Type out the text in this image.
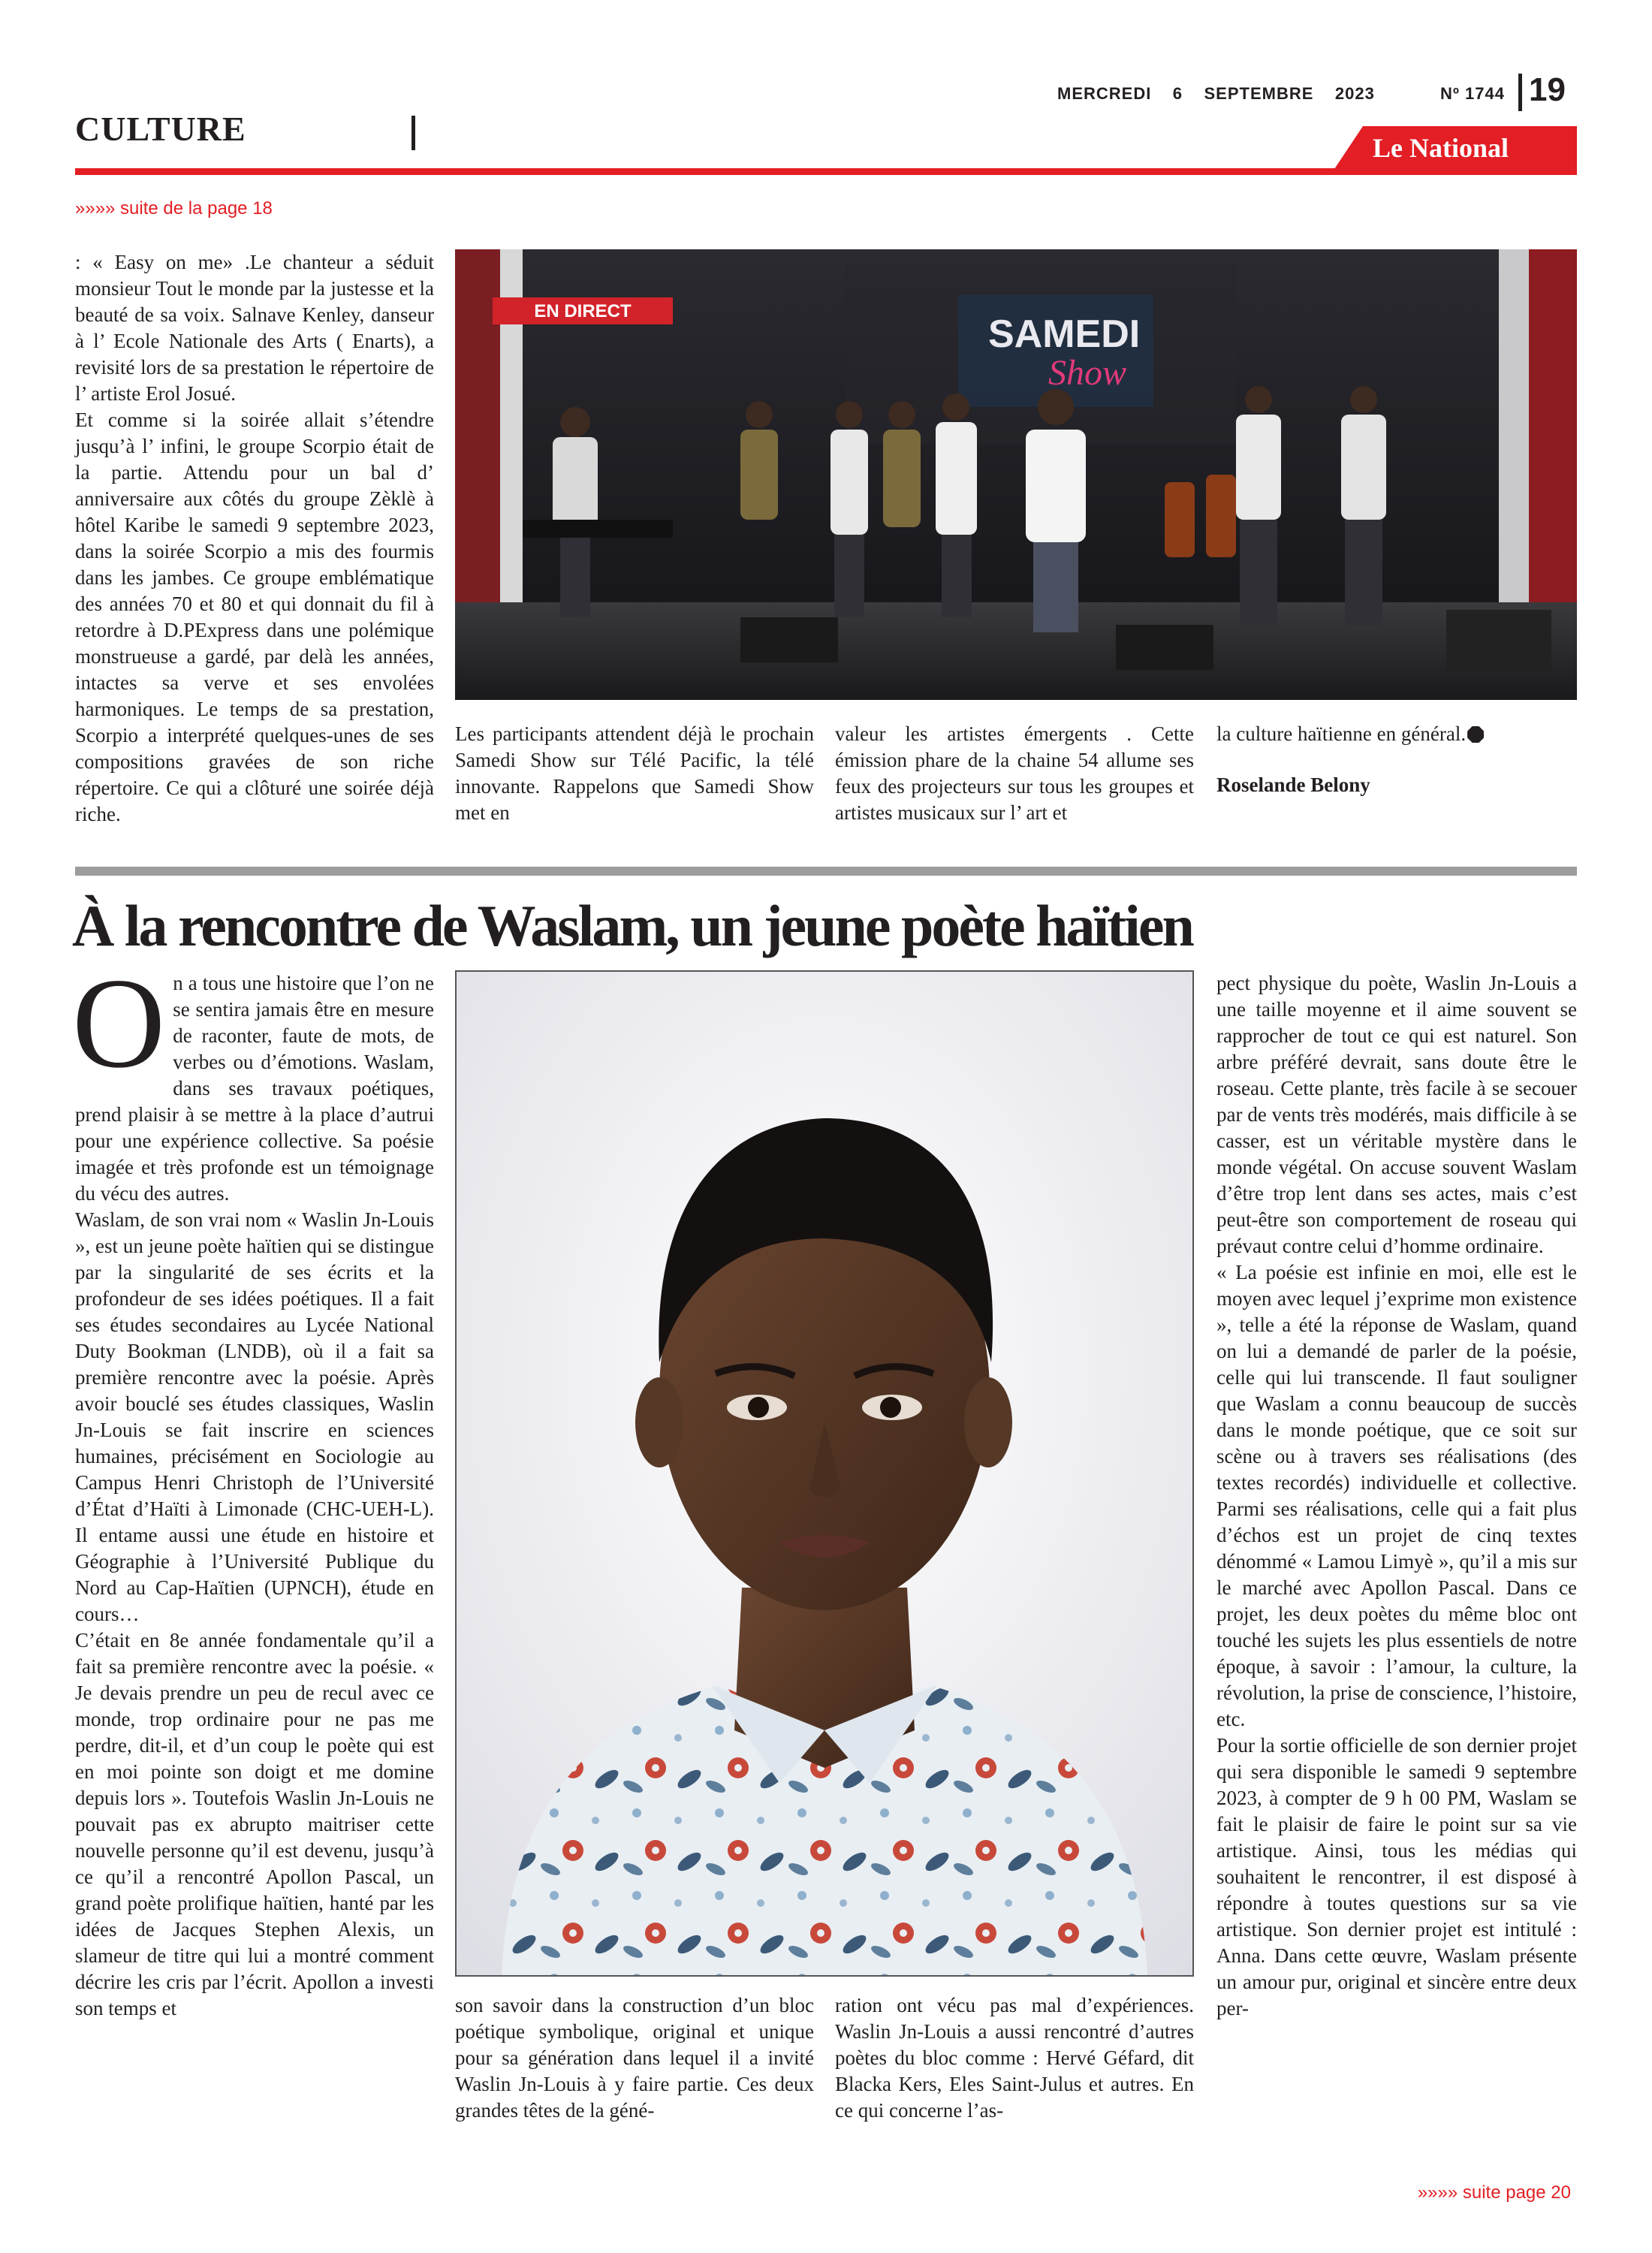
MERCREDI 6 SEPTEMBRE 2023	Nº 1744 19
CULTURE	Le National
»»»» suite de la page 18

: « Easy on me» .Le chanteur a séduit monsieur Tout le monde par la justesse et la beauté de sa voix. Salnave Kenley, danseur à l’ Ecole Nationale des Arts ( Enarts), a revisité lors de sa prestation le répertoire de l’ artiste Erol Josué.

Et comme si la soirée allait s’étendre jusqu’à l’ infini, le groupe Scorpio était de la partie. Attendu pour un bal d’ anniversaire aux côtés du groupe Zèklè à hôtel Karibe le samedi 9 septembre 2023, dans la soirée Scorpio a mis des fourmis dans les jambes. Ce groupe emblématique des années 70 et 80 et qui donnait du fil à retordre à D.PExpress dans une polémique monstrueuse a gardé, par delà les années, intactes sa verve et ses envolées harmoniques. Le temps de sa prestation, Scorpio a interprété quelques-unes de ses compositions gravées de son riche répertoire. Ce qui a clôturé une soirée déjà riche.

EN DIRECT
SAMEDI
Show
Les participants attendent déjà le prochain Samedi Show sur Télé Pacific, la télé innovante. Rappelons que Samedi Show met en
valeur les artistes émergents . Cette émission phare de la chaine 54 allume ses feux des projecteurs sur tous les groupes et artistes musicaux sur l’ art et
la culture haïtienne en général.
Roselande Belony
À la rencontre de Waslam, un jeune poète haïtien

On a tous une histoire que l’on ne se sentira jamais être en mesure de raconter, faute de mots, de verbes ou d’émotions. Waslam, dans ses travaux poétiques, prend plaisir à se mettre à la place d’autrui pour une expérience collective. Sa poésie imagée et très profonde est un témoignage du vécu des autres.

Waslam, de son vrai nom « Waslin Jn-Louis », est un jeune poète haïtien qui se distingue par la singularité de ses écrits et la profondeur de ses idées poétiques. Il a fait ses études secondaires au Lycée National Duty Bookman (LNDB), où il a fait sa première rencontre avec la poésie. Après avoir bouclé ses études classiques, Waslin Jn-Louis se fait inscrire en sciences humaines, précisément en Sociologie au Campus Henri Christoph de l’Université d’État d’Haïti à Limonade (CHC-UEH-L). Il entame aussi une étude en histoire et Géographie à l’Université Publique du Nord au Cap-Haïtien (UPNCH), étude en cours…

C’était en 8e année fondamentale qu’il a fait sa première rencontre avec la poésie. « Je devais prendre un peu de recul avec ce monde, trop ordinaire pour ne pas me perdre, dit-il, et d’un coup le poète qui est en moi pointe son doigt et me domine depuis lors ». Toutefois Waslin Jn-Louis ne pouvait pas ex abrupto maitriser cette nouvelle personne qu’il est devenu, jusqu’à ce qu’il a rencontré Apollon Pascal, un grand poète prolifique haïtien, hanté par les idées de Jacques Stephen Alexis, un slameur de titre qui lui a montré comment décrire les cris par l’écrit. Apollon a investi son temps et	son savoir dans la construction d’un bloc poétique symbolique, original et unique pour sa génération dans lequel il a invité Waslin Jn-Louis à y faire partie. Ces deux grandes têtes de la géné-
ration ont vécu pas mal d’expériences. Waslin Jn-Louis a aussi rencontré d’autres poètes du bloc comme : Hervé Géfard, dit Blacka Kers, Eles Saint-Julus et autres. En ce qui concerne l’as-

pect physique du poète, Waslin Jn-Louis a une taille moyenne et il aime souvent se rapprocher de tout ce qui est naturel. Son arbre préféré devrait, sans doute être le roseau. Cette plante, très facile à se secouer par de vents très modérés, mais difficile à se casser, est un véritable mystère dans le monde végétal. On accuse souvent Waslam d’être trop lent dans ses actes, mais c’est peut-être son comportement de roseau qui prévaut contre celui d’homme ordinaire.

« La poésie est infinie en moi, elle est le moyen avec lequel j’exprime mon existence », telle a été la réponse de Waslam, quand on lui a demandé de parler de la poésie, celle qui lui transcende. Il faut souligner que Waslam a connu beaucoup de succès dans le monde poétique, que ce soit sur scène ou à travers ses réalisations (des textes recordés) individuelle et collective. Parmi ses réalisations, celle qui a fait plus d’échos est un projet de cinq textes dénommé « Lamou Limyè », qu’il a mis sur le marché avec Apollon Pascal. Dans ce projet, les deux poètes du même bloc ont touché les sujets les plus essentiels de notre époque, à savoir : l’amour, la culture, la révolution, la prise de conscience, l’histoire, etc.

Pour la sortie officielle de son dernier projet qui sera disponible le samedi 9 septembre 2023, à compter de 9 h 00 PM, Waslam se fait le plaisir de faire le point sur sa vie artistique. Ainsi, tous les médias qui souhaitent le rencontrer, il est disposé à répondre à toutes questions sur sa vie artistique. Son dernier projet est intitulé : Anna. Dans cette œuvre, Waslam présente un amour pur, original et sincère entre deux per-

»»»» suite page 20
